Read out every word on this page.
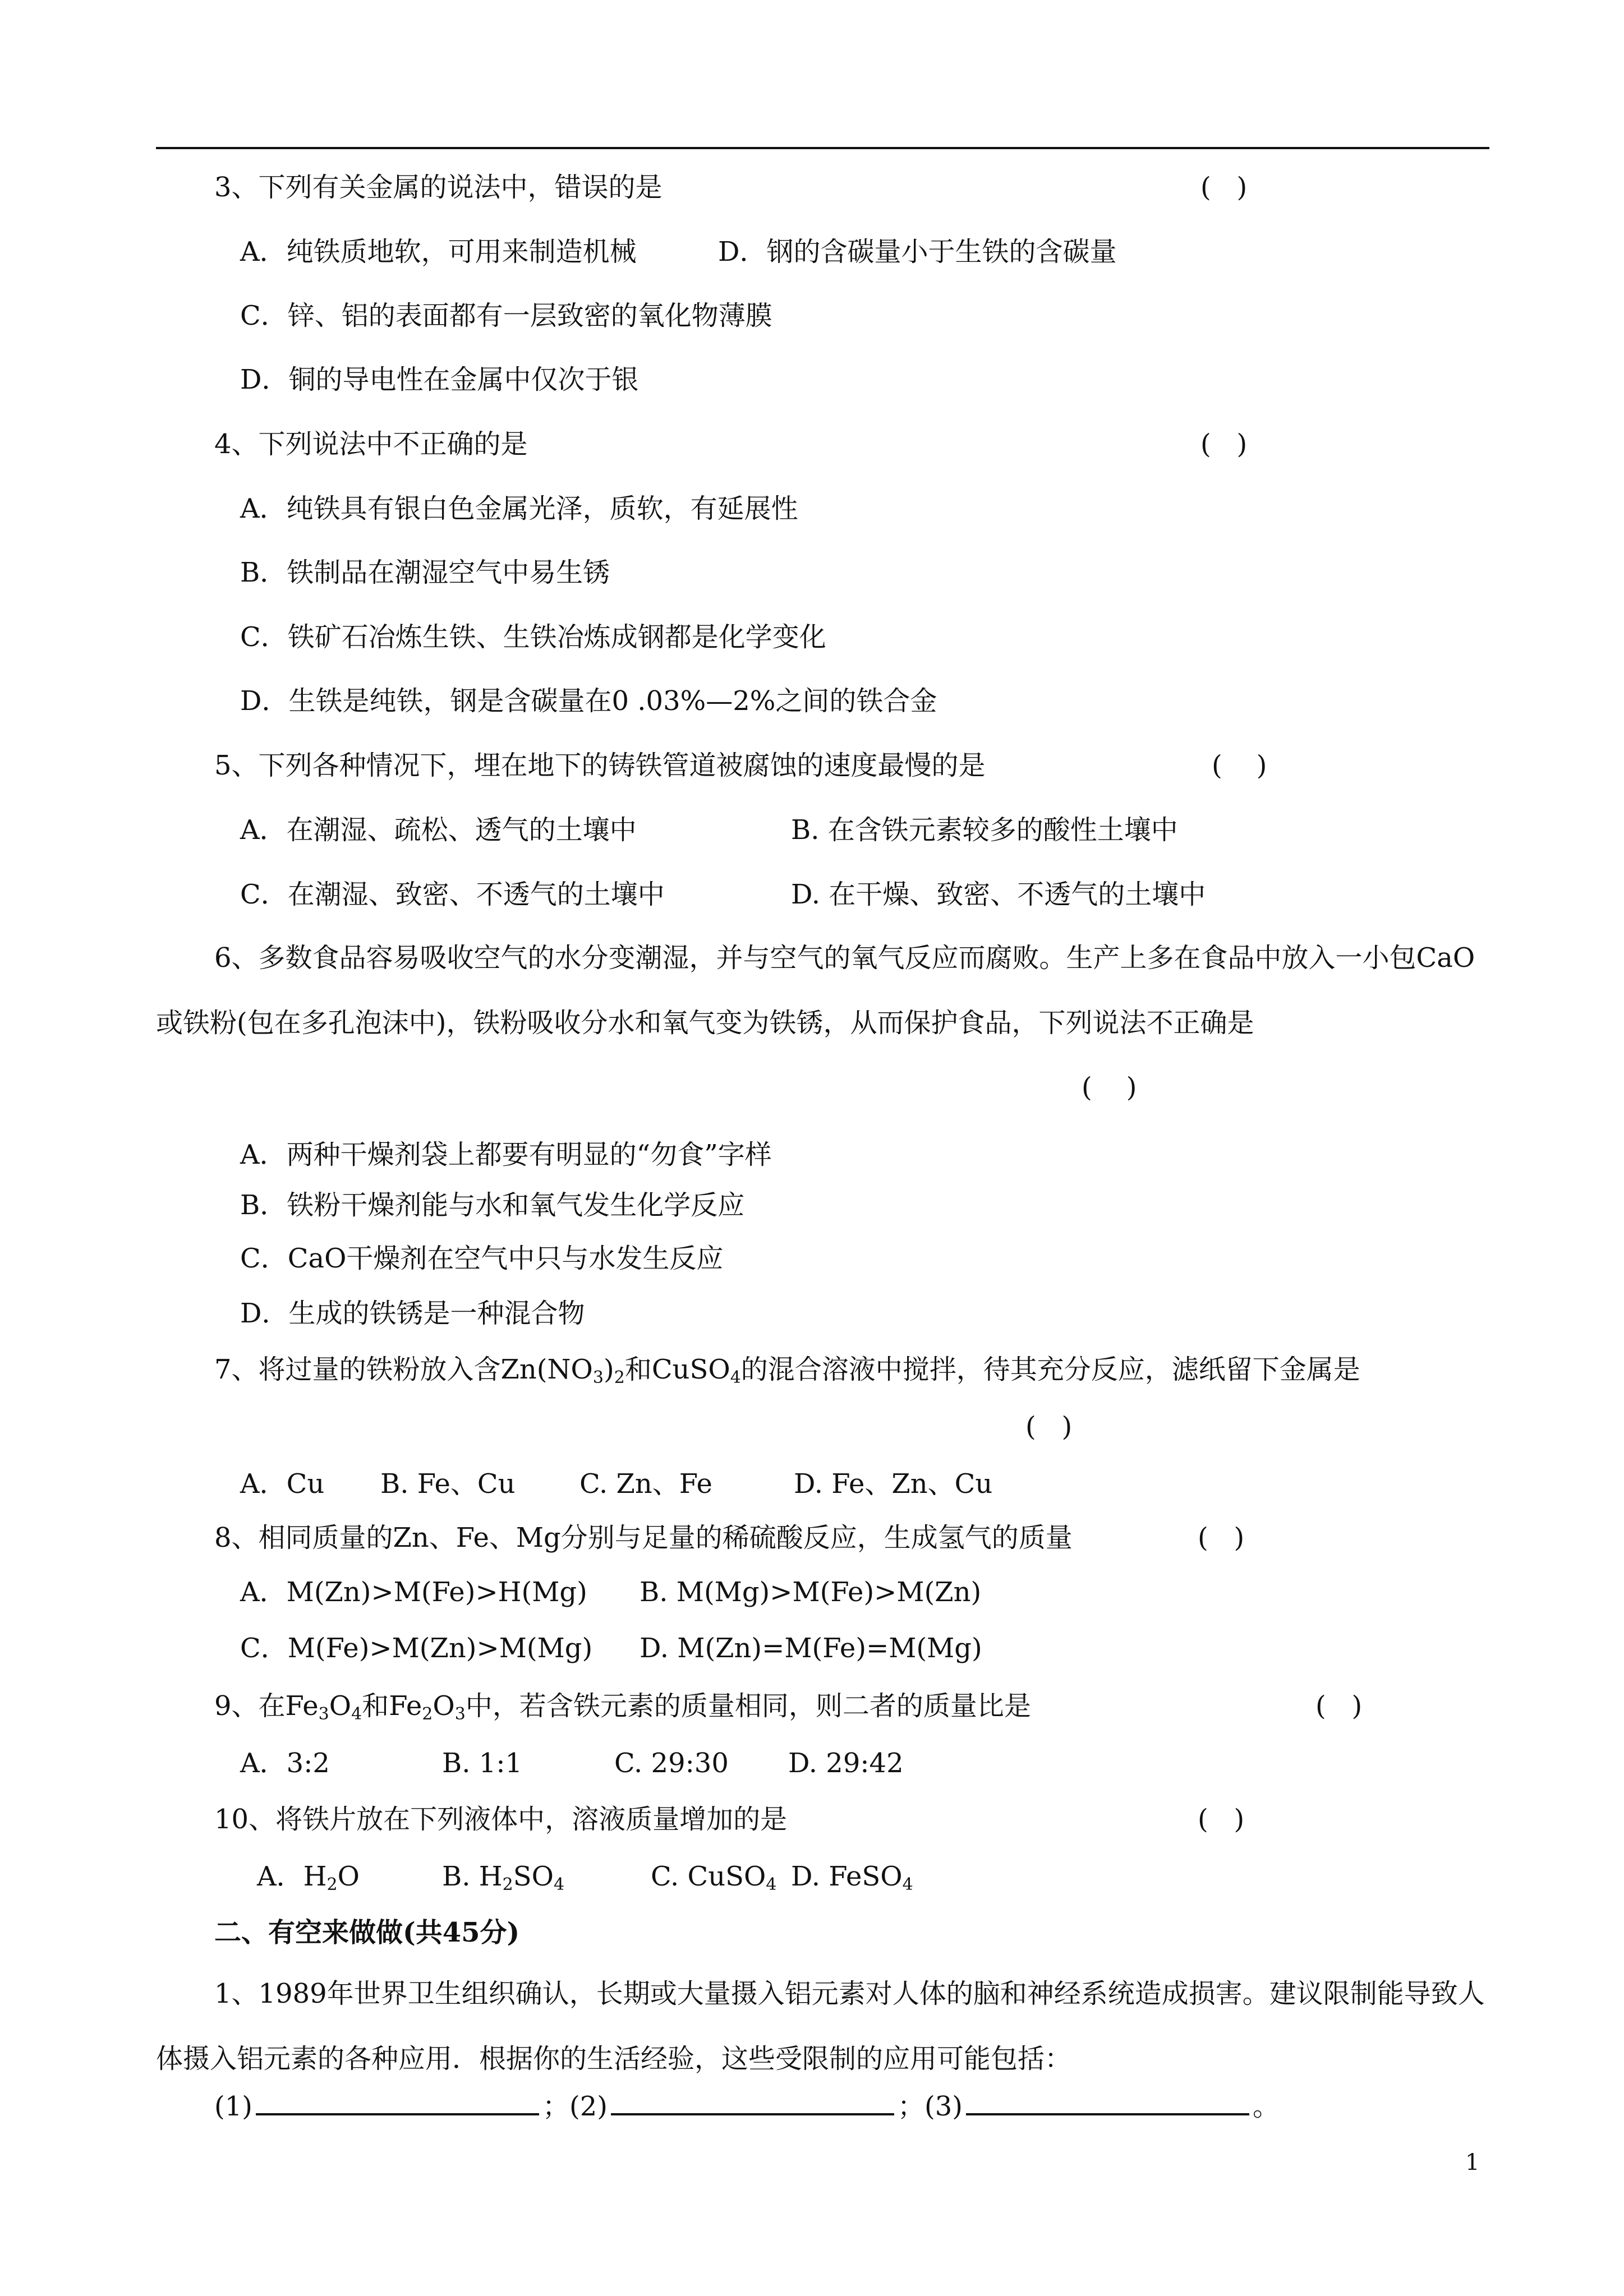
3、下列有关金属的说法中，错误的是	(   )
A．纯铁质地软，可用来制造机械	D．钢的含碳量小于生铁的含碳量
C．锌、铝的表面都有一层致密的氧化物薄膜
D．铜的导电性在金属中仅次于银
4、下列说法中不正确的是	(   )
A．纯铁具有银白色金属光泽，质软，有延展性
B．铁制品在潮湿空气中易生锈
C．铁矿石冶炼生铁、生铁冶炼成钢都是化学变化
D．生铁是纯铁，钢是含碳量在0 .03%—2%之间的铁合金
5、下列各种情况下，埋在地下的铸铁管道被腐蚀的速度最慢的是	(    )
A．在潮湿、疏松、透气的土壤中	B. 在含铁元素较多的酸性土壤中
C．在潮湿、致密、不透气的土壤中	D. 在干燥、致密、不透气的土壤中
6、多数食品容易吸收空气的水分变潮湿，并与空气的氧气反应而腐败。生产上多在食品中放入一小包CaO或铁粉(包在多孔泡沫中)，铁粉吸收分水和氧气变为铁锈，从而保护食品，下列说法不正确是
(    )
A．两种干燥剂袋上都要有明显的“勿食”字样
B．铁粉干燥剂能与水和氧气发生化学反应
C．CaO干燥剂在空气中只与水发生反应
D．生成的铁锈是一种混合物
7、将过量的铁粉放入含$Zn(NO_3)_2$和CuSO$_4$的混合溶液中搅拌，待其充分反应，滤纸留下金属是
(   )
A．Cu B. Fe、Cu C. Zn、Fe	D. Fe、Zn、Cu
8、相同质量的Zn、Fe、Mg分别与足量的稀硫酸反应，生成氢气的质量	(   )
A．M(Zn)>M(Fe)>H(Mg) B. M(Mg)>M(Fe)>M(Zn)
C．M(Fe)>M(Zn)>M(Mg) D. M(Zn)=M(Fe)=M(Mg)
9、在$Fe_3O_4$和$Fe_2O_3$中，若含铁元素的质量相同，则二者的质量比是	(   )
A．3:2	B. 1:1	C. 29:30 D. 29:42
10、将铁片放在下列液体中，溶液质量增加的是	(   )
A．$H_2O$	B. $H_2SO_4$	C. CuSO$_4$ D. FeSO$_4$
二、有空来做做(共45分)
1、1989年世界卫生组织确认，长期或大量摄入铝元素对人体的脑和神经系统造成损害。建议限制能导致人体摄入铝元素的各种应用．根据你的生活经验，这些受限制的应用可能包括：
(1)	；(2)	；(3)	。
1
